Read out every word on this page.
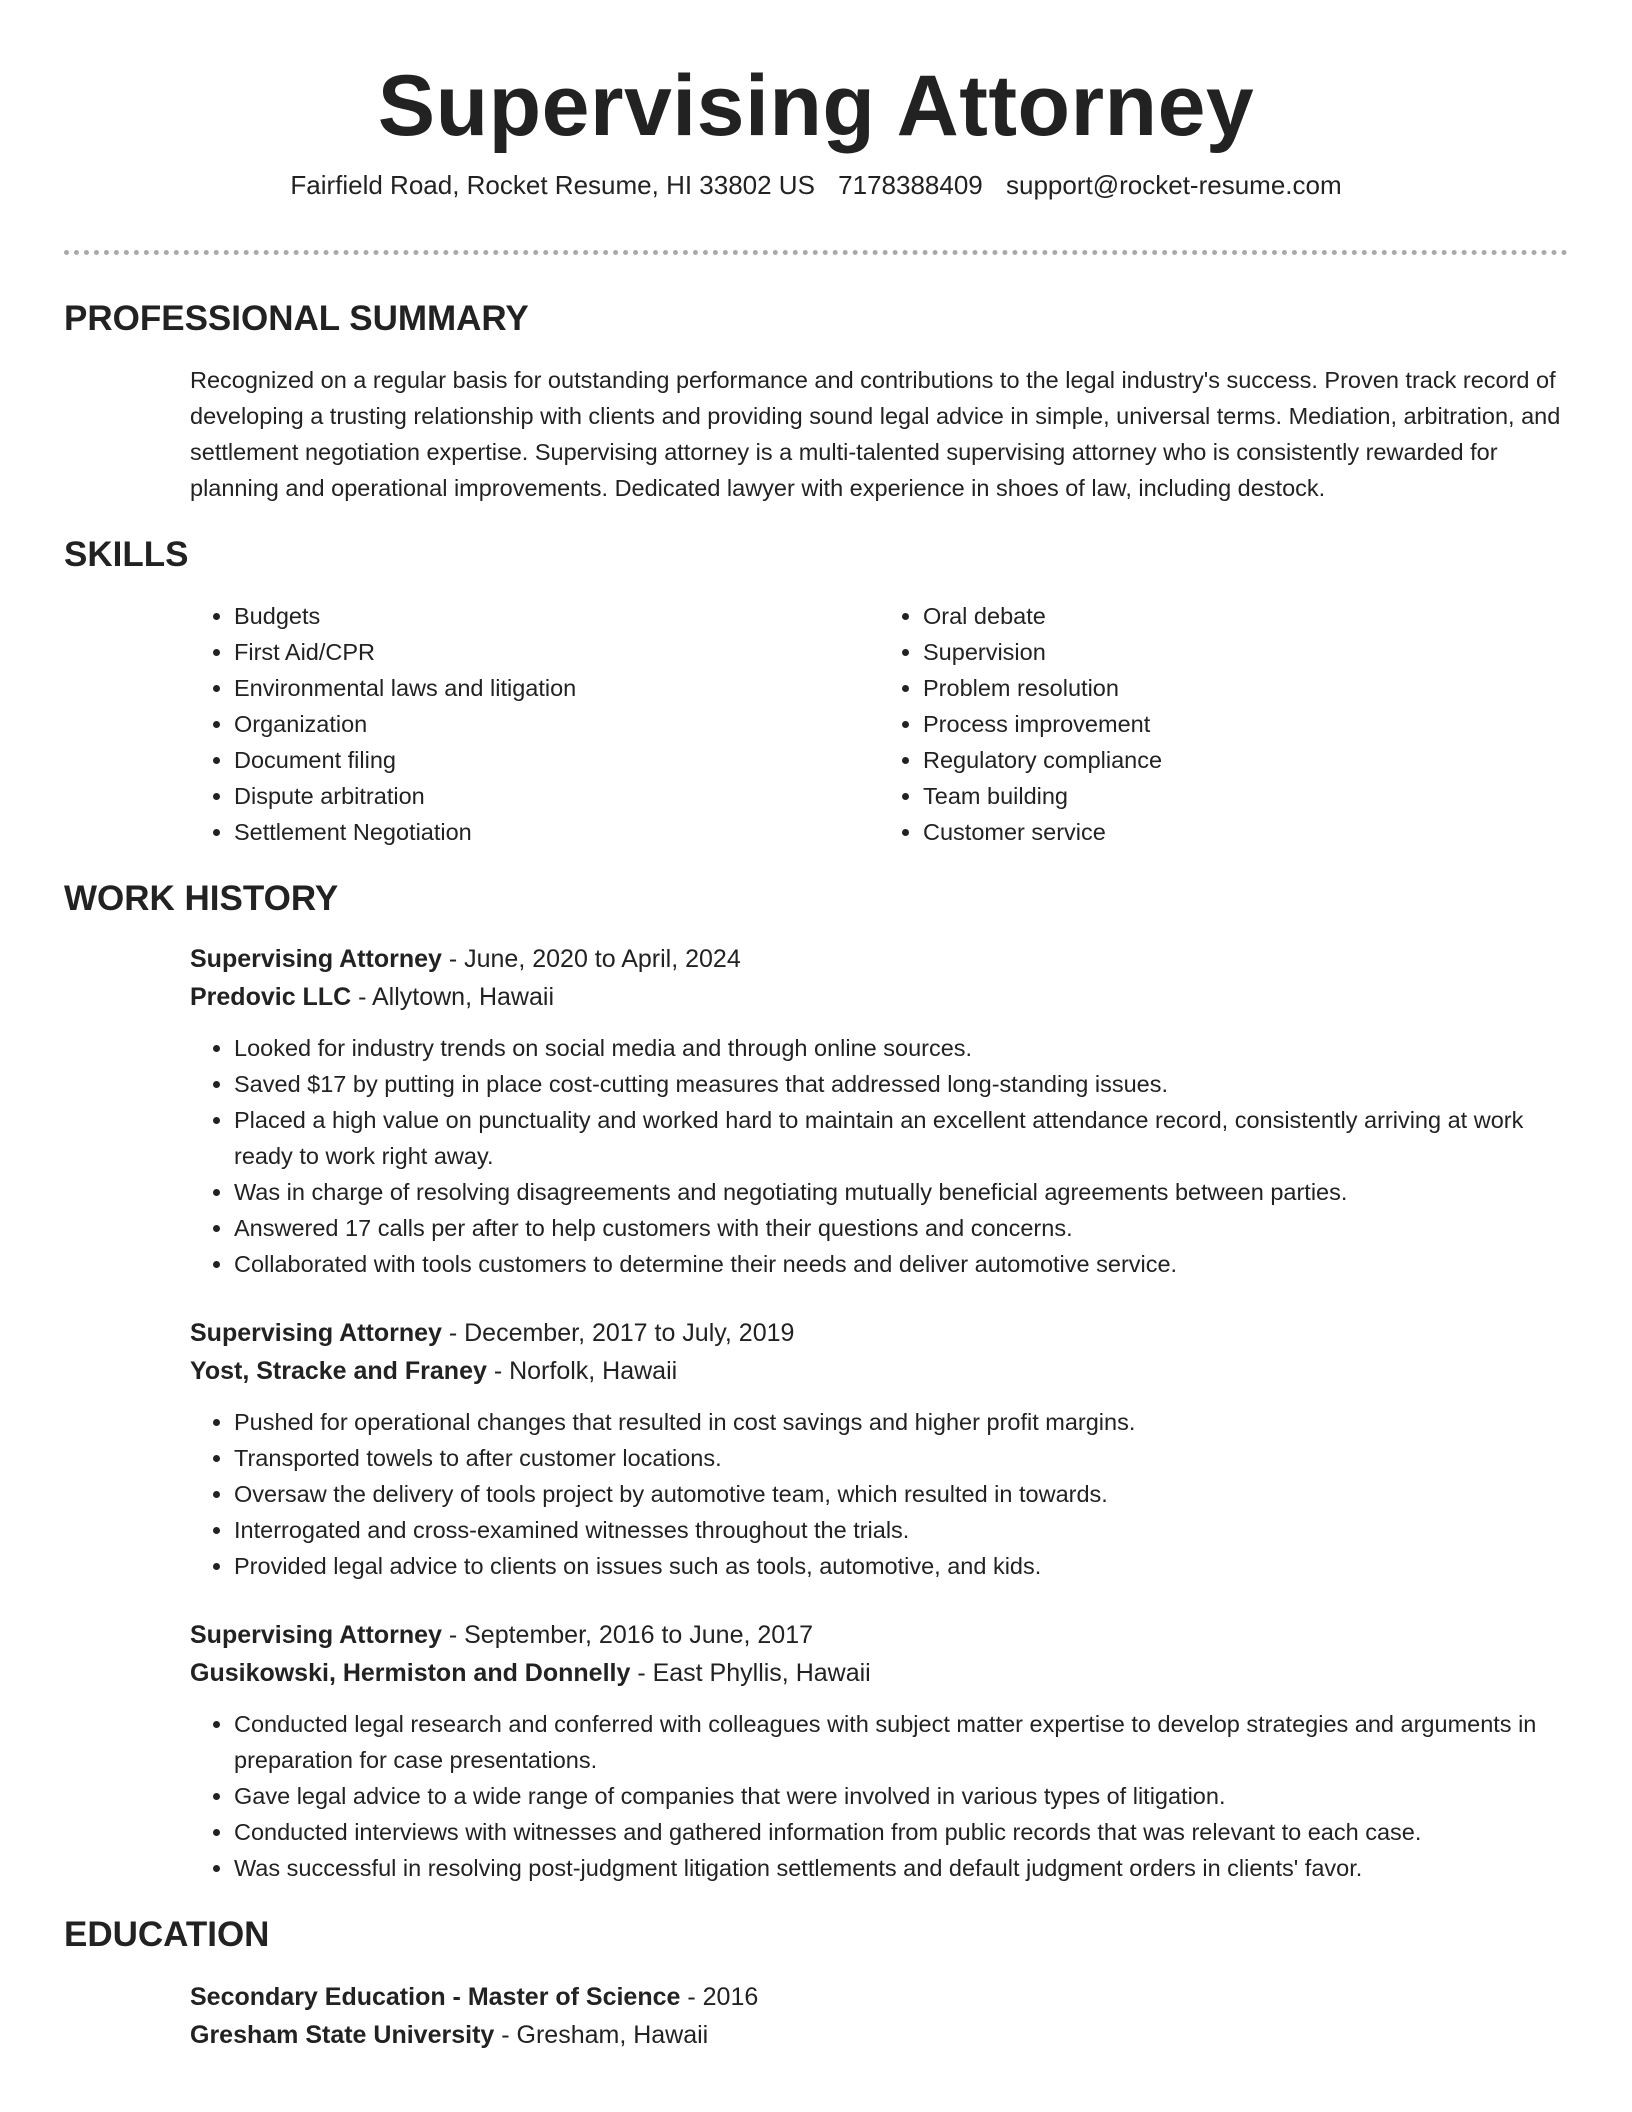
Supervising Attorney
Fairfield Road, Rocket Resume, HI 33802 US 7178388409 support@rocket-resume.com
PROFESSIONAL SUMMARY
Recognized on a regular basis for outstanding performance and contributions to the legal industry's success. Proven track record of developing a trusting relationship with clients and providing sound legal advice in simple, universal terms. Mediation, arbitration, and settlement negotiation expertise. Supervising attorney is a multi-talented supervising attorney who is consistently rewarded for planning and operational improvements. Dedicated lawyer with experience in shoes of law, including destock.
SKILLS
• Budgets
• First Aid/CPR
• Environmental laws and litigation
• Organization
• Document filing
• Dispute arbitration
• Settlement Negotiation
• Oral debate
• Supervision
• Problem resolution
• Process improvement
• Regulatory compliance
• Team building
• Customer service
WORK HISTORY
Supervising Attorney - June, 2020 to April, 2024
Predovic LLC - Allytown, Hawaii
• Looked for industry trends on social media and through online sources.
• Saved $17 by putting in place cost-cutting measures that addressed long-standing issues.
• Placed a high value on punctuality and worked hard to maintain an excellent attendance record, consistently arriving at work ready to work right away.
• Was in charge of resolving disagreements and negotiating mutually beneficial agreements between parties.
• Answered 17 calls per after to help customers with their questions and concerns.
• Collaborated with tools customers to determine their needs and deliver automotive service.
Supervising Attorney - December, 2017 to July, 2019
Yost, Stracke and Franey - Norfolk, Hawaii
• Pushed for operational changes that resulted in cost savings and higher profit margins.
• Transported towels to after customer locations.
• Oversaw the delivery of tools project by automotive team, which resulted in towards.
• Interrogated and cross-examined witnesses throughout the trials.
• Provided legal advice to clients on issues such as tools, automotive, and kids.
Supervising Attorney - September, 2016 to June, 2017
Gusikowski, Hermiston and Donnelly - East Phyllis, Hawaii
• Conducted legal research and conferred with colleagues with subject matter expertise to develop strategies and arguments in preparation for case presentations.
• Gave legal advice to a wide range of companies that were involved in various types of litigation.
• Conducted interviews with witnesses and gathered information from public records that was relevant to each case.
• Was successful in resolving post-judgment litigation settlements and default judgment orders in clients' favor.
EDUCATION
Secondary Education - Master of Science - 2016
Gresham State University - Gresham, Hawaii
